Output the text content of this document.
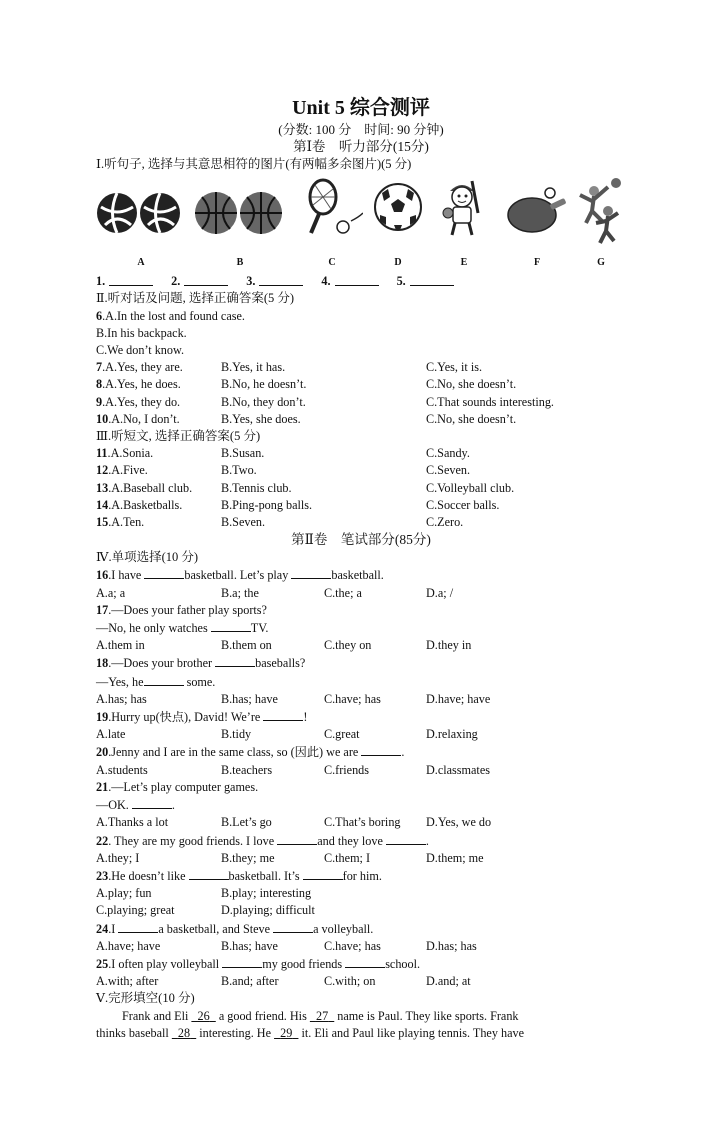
Unit 5 综合测评
(分数: 100 分　时间: 90 分钟)
第Ⅰ卷　听力部分(15分)
Ⅰ.听句子, 选择与其意思相符的图片(有两幅多余图片)(5 分)
A	B	C	D	E	F	G
1.	2.	3.	4.	5.
Ⅱ.听对话及问题, 选择正确答案(5 分)
6.A.In the lost and found case.
B.In his backpack.
C.We don’t know.
7.A.Yes, they are.	B.Yes, it has.	C.Yes, it is.
8.A.Yes, he does.	B.No, he doesn’t.	C.No, she doesn’t.
9.A.Yes, they do.	B.No, they don’t.	C.That sounds interesting.
10.A.No, I don’t.	B.Yes, she does.	C.No, she doesn’t.
Ⅲ.听短文, 选择正确答案(5 分)
11.A.Sonia.	B.Susan.	C.Sandy.
12.A.Five.	B.Two.	C.Seven.
13.A.Baseball club.	B.Tennis club.	C.Volleyball club.
14.A.Basketballs.	B.Ping-pong balls.	C.Soccer balls.
15.A.Ten.	B.Seven.	C.Zero.
第Ⅱ卷　笔试部分(85分)
Ⅳ.单项选择(10 分)
16.I have	basketball. Let’s play	basketball.
A.a; a	B.a; the	C.the; a	D.a; /
17.—Does your father play sports?
—No, he only watches	TV.
A.them in	B.them on	C.they on	D.they in
18.—Does your brother	baseballs?
—Yes, he	some.
A.has; has	B.has; have	C.have; has	D.have; have
19.Hurry up(快点), David! We’re	!
A.late	B.tidy	C.great	D.relaxing
20.Jenny and I are in the same class, so (因此) we are	.
A.students	B.teachers	C.friends	D.classmates
21.—Let’s play computer games.
—OK.	.
A.Thanks a lot	B.Let’s go	C.That’s boring	D.Yes, we do
22. They are my good friends. I love	and they love	.
A.they; I	B.they; me	C.them; I	D.them; me
23.He doesn’t like	basketball. It’s	for him.
A.play; fun	B.play; interesting
C.playing; great	D.playing; difficult
24.I	a basketball, and Steve	a volleyball.
A.have; have	B.has; have	C.have; has	D.has; has
25.I often play volleyball	my good friends	school.
A.with; after	B.and; after	C.with; on	D.and; at
Ⅴ.完形填空(10 分)
Frank and Eli   26   a good friend. His   27   name is Paul. They like sports. Frank
thinks baseball   28   interesting. He   29   it. Eli and Paul like playing tennis. They have
